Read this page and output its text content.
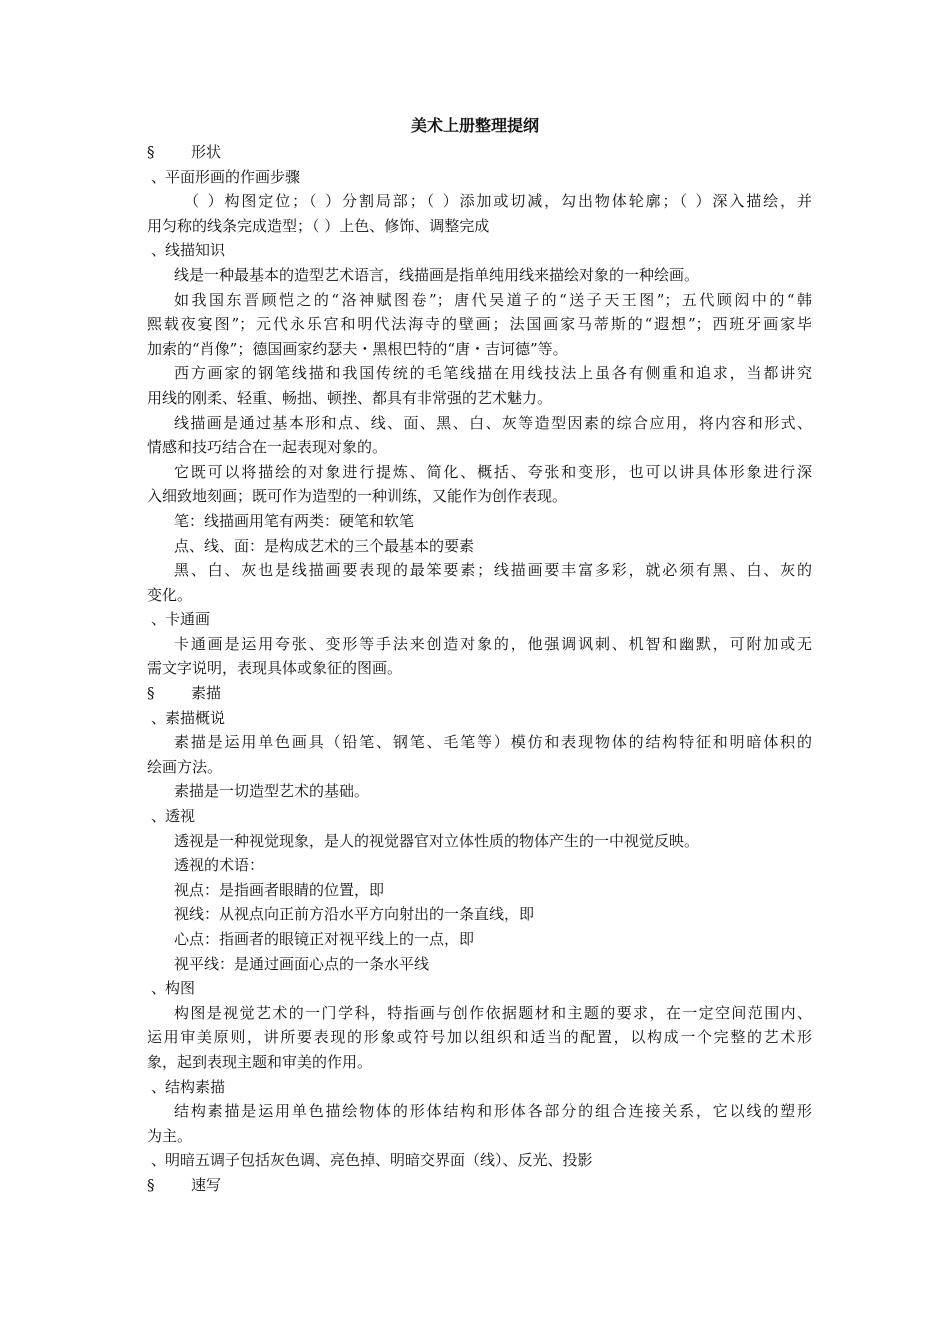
美术上册整理提纲
§ 形状
、平面形画的作画步骤
（ ）构图定位；（ ）分割局部；（ ）添加或切减，勾出物体轮廓；（ ）深入描绘，并
用匀称的线条完成造型；（ ）上色、修饰、调整完成
、线描知识
线是一种最基本的造型艺术语言，线描画是指单纯用线来描绘对象的一种绘画。
如我国东晋顾恺之的“洛神赋图卷”；唐代吴道子的“送子天王图”；五代顾闳中的“韩
熙载夜宴图”；元代永乐宫和明代法海寺的壁画；法国画家马蒂斯的“遐想”；西班牙画家毕
加索的“肖像”；德国画家约瑟夫・黑根巴特的“唐・吉诃德”等。
西方画家的钢笔线描和我国传统的毛笔线描在用线技法上虽各有侧重和追求，当都讲究
用线的刚柔、轻重、畅拙、顿挫、都具有非常强的艺术魅力。
线描画是通过基本形和点、线、面、黑、白、灰等造型因素的综合应用，将内容和形式、
情感和技巧结合在一起表现对象的。
它既可以将描绘的对象进行提炼、简化、概括、夸张和变形，也可以讲具体形象进行深
入细致地刻画；既可作为造型的一种训练，又能作为创作表现。
笔：线描画用笔有两类：硬笔和软笔
点、线、面：是构成艺术的三个最基本的要素
黑、白、灰也是线描画要表现的最笨要素；线描画要丰富多彩，就必须有黑、白、灰的
变化。
、卡通画
卡通画是运用夸张、变形等手法来创造对象的，他强调讽刺、机智和幽默，可附加或无
需文字说明，表现具体或象征的图画。
§ 素描
、素描概说
素描是运用单色画具（铅笔、钢笔、毛笔等）模仿和表现物体的结构特征和明暗体积的
绘画方法。
素描是一切造型艺术的基础。
、透视
透视是一种视觉现象，是人的视觉器官对立体性质的物体产生的一中视觉反映。
透视的术语：
视点：是指画者眼睛的位置，即
视线：从视点向正前方沿水平方向射出的一条直线，即
心点：指画者的眼镜正对视平线上的一点，即
视平线：是通过画面心点的一条水平线
、构图
构图是视觉艺术的一门学科，特指画与创作依据题材和主题的要求，在一定空间范围内、
运用审美原则，讲所要表现的形象或符号加以组织和适当的配置，以构成一个完整的艺术形
象，起到表现主题和审美的作用。
、结构素描
结构素描是运用单色描绘物体的形体结构和形体各部分的组合连接关系，它以线的塑形
为主。
、明暗五调子包括灰色调、亮色掉、明暗交界面（线）、反光、投影
§ 速写
